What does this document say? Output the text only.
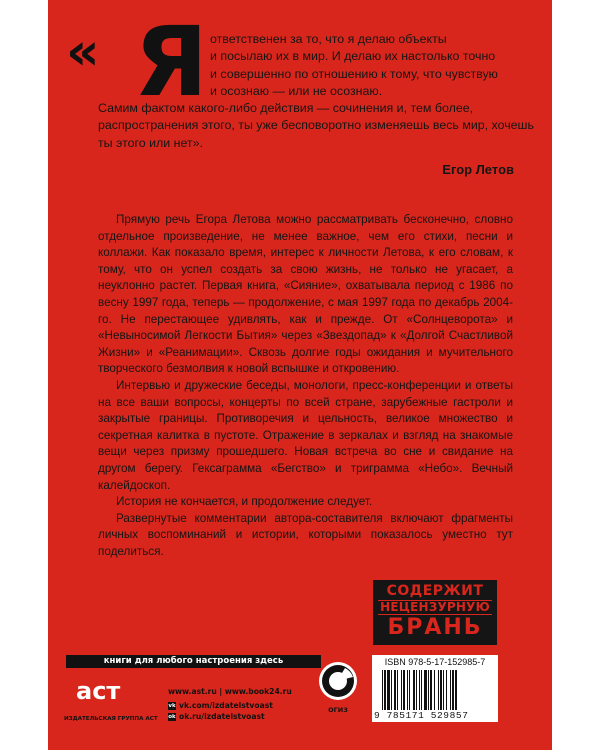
« Я ответственен за то, что я делаю объекты
и посылаю их в мир. И делаю их настолько точно
и совершенно по отношению к тому, что чувствую
и осознаю — или не осознаю.
Самим фактом какого-либо действия — сочинения и, тем более, распространения этого, ты уже бесповоротно изменяешь весь мир, хочешь ты этого или нет».
Егор Летов

Прямую речь Егора Летова можно рассматривать бесконечно, словно отдельное произведение, не менее важное, чем его стихи, песни и коллажи. Как показало время, интерес к личности Летова, к его словам, к тому, что он успел создать за свою жизнь, не только не угасает, а неуклонно растет. Первая книга, «Сияние», охватывала период с 1986 по весну 1997 года, теперь — продолжение, с мая 1997 года по декабрь 2004-го. Не перестающее удивлять, как и прежде. От «Солнцеворота» и «Невыносимой Легкости Бытия» через «Звездопад» к «Долгой Счастливой Жизни» и «Реанимации». Сквозь долгие годы ожидания и мучительного творческого безмолвия к новой вспышке и откровению.

Интервью и дружеские беседы, монологи, пресс-конференции и ответы на все ваши вопросы, концерты по всей стране, зарубежные гастроли и закрытые границы. Противоречия и цельность, великое множество и секретная калитка в пустоте. Отражение в зеркалах и взгляд на знакомые вещи через призму прошедшего. Новая встреча во сне и свидание на другом берегу. Гексаграмма «Бегство» и триграмма «Небо». Вечный калейдоскоп.

История не кончается, и продолжение следует.

Развернутые комментарии автора-составителя включают фрагменты личных воспоминаний и истории, которыми показалось уместно тут поделиться.

СОДЕРЖИТ
НЕЦЕНЗУРНУЮ
БРАНЬ
книги для любого настроения здесь
аст
ИЗДАТЕЛЬСКАЯ ГРУППА АСТ
www.ast.ru | www.book24.ru
vk vk.com/izdatelstvoast
ok ok.ru/izdatelstvoast
ОГИЗ
ISBN 978-5-17-152985-7
9 785171 529857
